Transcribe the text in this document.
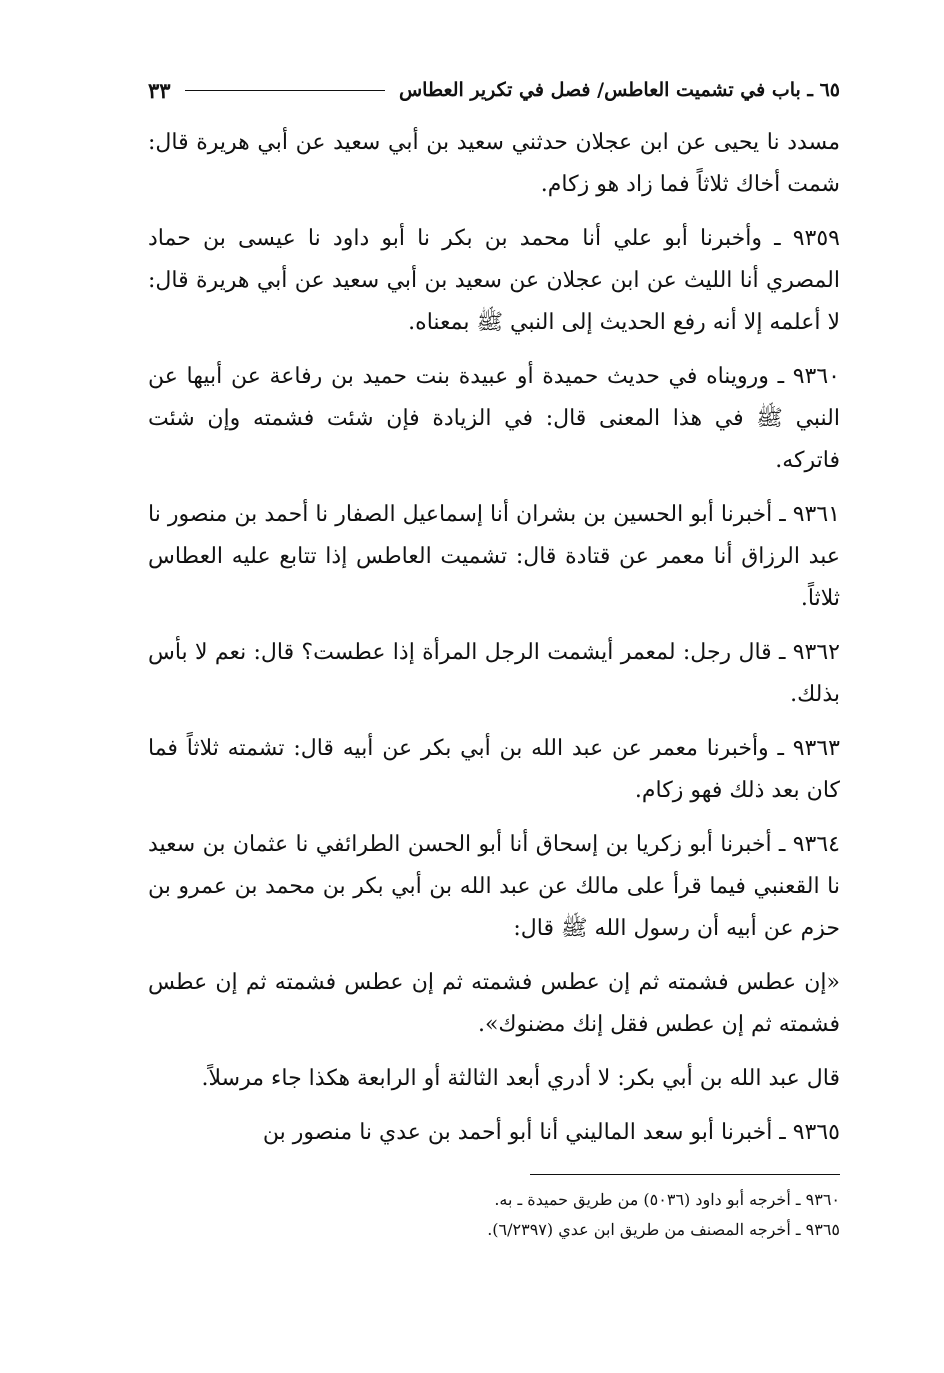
٦٥ ـ باب في تشميت العاطس/ فصل في تكرير العطاس
٣٣

مسدد نا يحيى عن ابن عجلان حدثني سعيد بن أبي سعيد عن أبي هريرة قال: شمت أخاك ثلاثاً فما زاد هو زكام.

٩٣٥٩ ـ وأخبرنا أبو علي أنا محمد بن بكر نا أبو داود نا عيسى بن حماد المصري أنا الليث عن ابن عجلان عن سعيد بن أبي سعيد عن أبي هريرة قال: لا أعلمه إلا أنه رفع الحديث إلى النبي ﷺ بمعناه.

٩٣٦٠ ـ ورويناه في حديث حميدة أو عبيدة بنت حميد بن رفاعة عن أبيها عن النبي ﷺ في هذا المعنى قال: في الزيادة فإن شئت فشمته وإن شئت فاتركه.

٩٣٦١ ـ أخبرنا أبو الحسين بن بشران أنا إسماعيل الصفار نا أحمد بن منصور نا عبد الرزاق أنا معمر عن قتادة قال: تشميت العاطس إذا تتابع عليه العطاس ثلاثاً.

٩٣٦٢ ـ قال رجل: لمعمر أيشمت الرجل المرأة إذا عطست؟ قال: نعم لا بأس بذلك.

٩٣٦٣ ـ وأخبرنا معمر عن عبد الله بن أبي بكر عن أبيه قال: تشمته ثلاثاً فما كان بعد ذلك فهو زكام.

٩٣٦٤ ـ أخبرنا أبو زكريا بن إسحاق أنا أبو الحسن الطرائفي نا عثمان بن سعيد نا القعنبي فيما قرأ على مالك عن عبد الله بن أبي بكر بن محمد بن عمرو بن حزم عن أبيه أن رسول الله ﷺ قال:

«إن عطس فشمته ثم إن عطس فشمته ثم إن عطس فشمته ثم إن عطس فشمته ثم إن عطس فقل إنك مضنوك».

قال عبد الله بن أبي بكر: لا أدري أبعد الثالثة أو الرابعة هكذا جاء مرسلاً.

٩٣٦٥ ـ أخبرنا أبو سعد الماليني أنا أبو أحمد بن عدي نا منصور بن

٩٣٦٠ ـ أخرجه أبو داود (٥٠٣٦) من طريق حميدة ـ به.

٩٣٦٥ ـ أخرجه المصنف من طريق ابن عدي (٦/٢٣٩٧).
